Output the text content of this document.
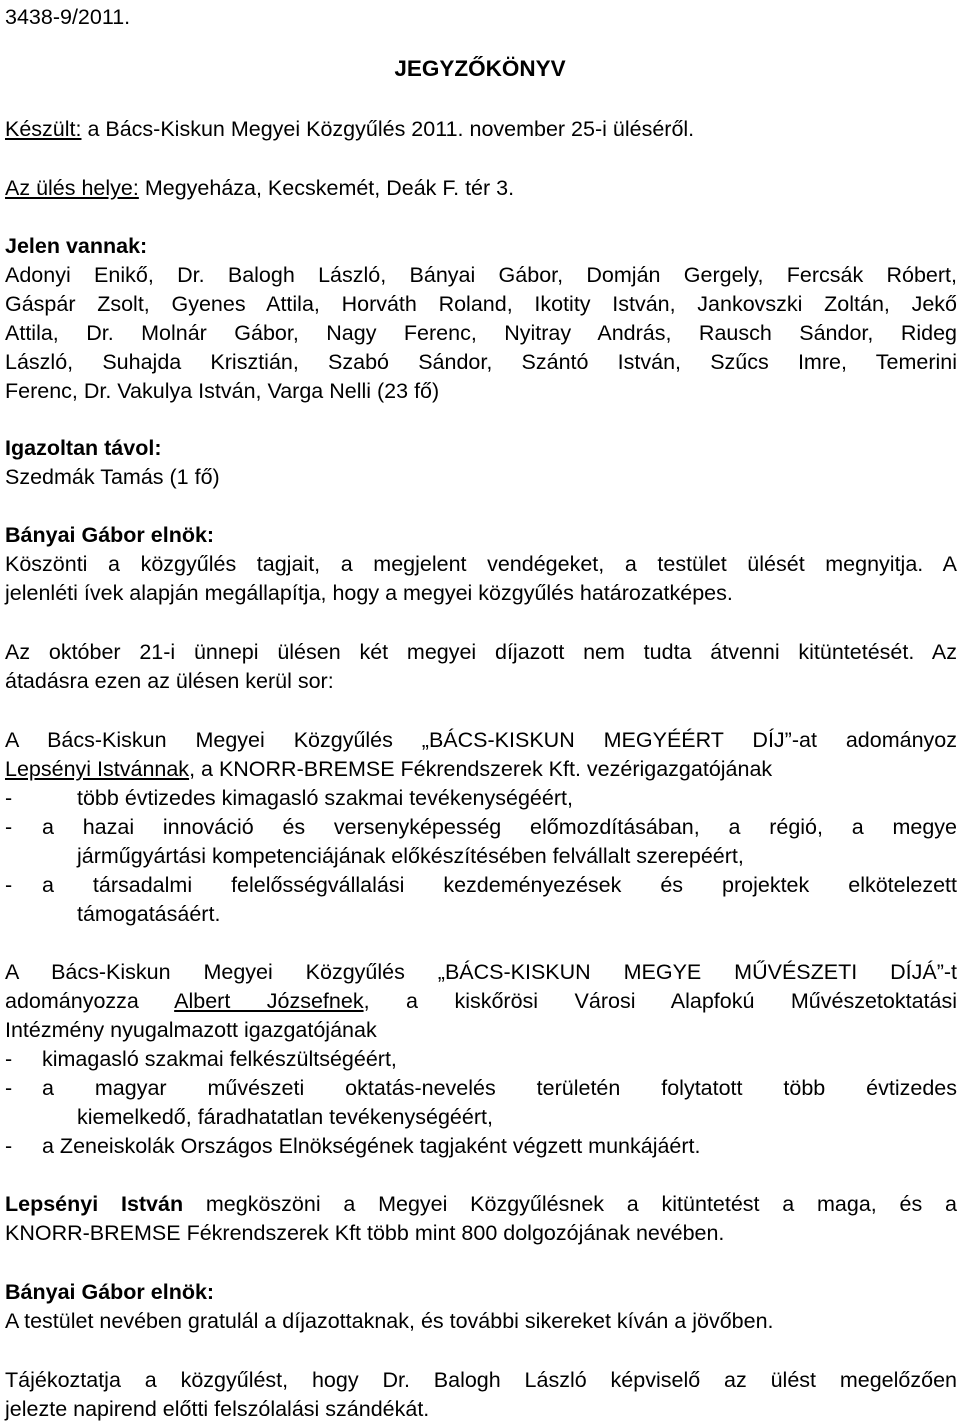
3438-9/2011.
JEGYZŐKÖNYV
Készült: a Bács-Kiskun Megyei Közgyűlés 2011. november 25-i üléséről.
Az ülés helye: Megyeháza, Kecskemét, Deák F. tér 3.
Jelen vannak:
Adonyi Enikő, Dr. Balogh László, Bányai Gábor, Domján Gergely, Fercsák Róbert,
Gáspár Zsolt, Gyenes Attila, Horváth Roland, Ikotity István, Jankovszki Zoltán, Jekő
Attila, Dr. Molnár Gábor, Nagy Ferenc, Nyitray András, Rausch Sándor, Rideg
László, Suhajda Krisztián, Szabó Sándor, Szántó István, Szűcs Imre, Temerini
Ferenc, Dr. Vakulya István, Varga Nelli (23 fő)
Igazoltan távol:
Szedmák Tamás (1 fő)
Bányai Gábor elnök:
Köszönti a közgyűlés tagjait, a megjelent vendégeket, a testület ülését megnyitja. A
jelenléti ívek alapján megállapítja, hogy a megyei közgyűlés határozatképes.
Az október 21-i ünnepi ülésen két megyei díjazott nem tudta átvenni kitüntetését. Az
átadásra ezen az ülésen kerül sor:
A Bács-Kiskun Megyei Közgyűlés „BÁCS-KISKUN MEGYÉÉRT DÍJ”-at adományoz
Lepsényi Istvánnak, a KNORR-BREMSE Fékrendszerek Kft. vezérigazgatójának
-	több évtizedes kimagasló szakmai tevékenységéért,
-	a hazai innováció és versenyképesség előmozdításában, a régió, a megye
járműgyártási kompetenciájának előkészítésében felvállalt szerepéért,
-	a társadalmi felelősségvállalási kezdeményezések és projektek elkötelezett
támogatásáért.
A Bács-Kiskun Megyei Közgyűlés „BÁCS-KISKUN MEGYE MŰVÉSZETI DÍJÁ”-t
adományozza Albert Józsefnek, a kiskőrösi Városi Alapfokú Művészetoktatási
Intézmény nyugalmazott igazgatójának
-	kimagasló szakmai felkészültségéért,
-	a magyar művészeti oktatás-nevelés területén folytatott több évtizedes
kiemelkedő, fáradhatatlan tevékenységéért,
-	a Zeneiskolák Országos Elnökségének tagjaként végzett munkájáért.
Lepsényi István megköszöni a Megyei Közgyűlésnek a kitüntetést a maga, és a
KNORR-BREMSE Fékrendszerek Kft több mint 800 dolgozójának nevében.
Bányai Gábor elnök:
A testület nevében gratulál a díjazottaknak, és további sikereket kíván a jövőben.
Tájékoztatja a közgyűlést, hogy Dr. Balogh László képviselő az ülést megelőzően
jelezte napirend előtti felszólalási szándékát.
